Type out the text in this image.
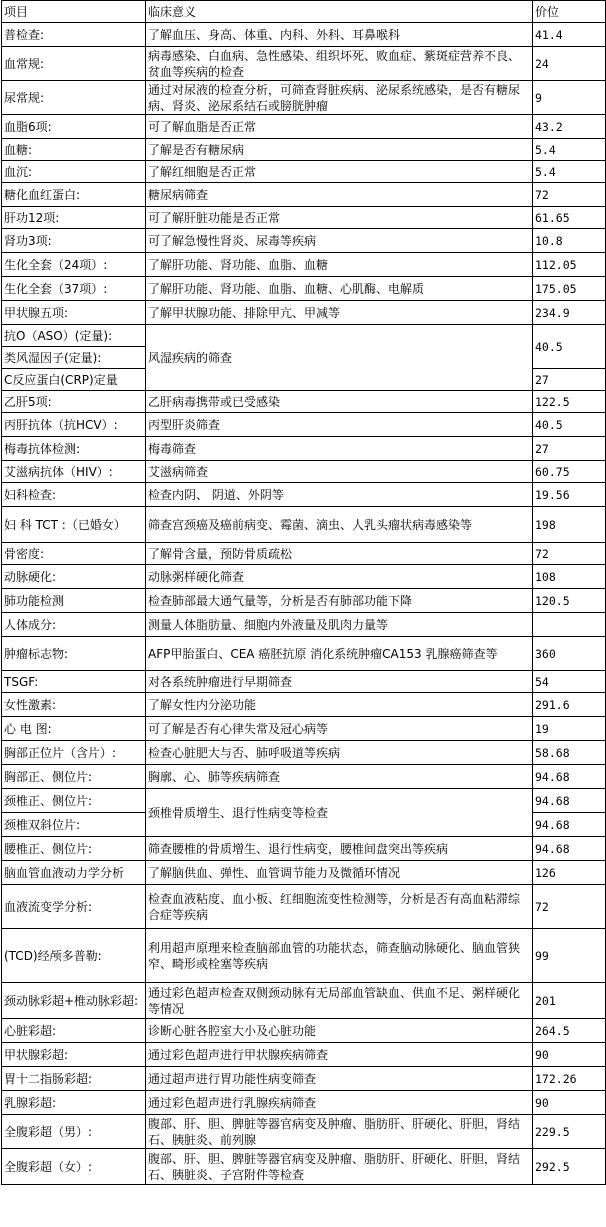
项目	临床意义	价位
普检查:	了解血压、身高、体重、内科、外科、耳鼻喉科	41.4
血常规:	病毒感染、白血病、急性感染、组织坏死、败血症、紫斑症营养不良、贫血等疾病的检查	24
尿常规:	通过对尿液的检查分析，可筛查肾脏疾病、泌尿系统感染，是否有糖尿病、肾炎、泌尿系结石或膀胱肿瘤	9
血脂6项:	可了解血脂是否正常	43.2
血糖:	了解是否有糖尿病	5.4
血沉:	了解红细胞是否正常	5.4
糖化血红蛋白:	糖尿病筛查	72
肝功12项:	可了解肝脏功能是否正常	61.65
肾功3项:	可了解急慢性肾炎、尿毒等疾病	10.8
生化全套（24项）:	了解肝功能、肾功能、血脂、血糖	112.05
生化全套（37项）:	了解肝功能、肾功能、血脂、血糖、心肌酶、电解质	175.05
甲状腺五项:	了解甲状腺功能、排除甲亢、甲减等	234.9
抗O（ASO）(定量):	风湿疾病的筛查	40.5
类风湿因子(定量):		
C反应蛋白(CRP)定量		27
乙肝5项:	乙肝病毒携带或已受感染	122.5
丙肝抗体（抗HCV）:	丙型肝炎筛查	40.5
梅毒抗体检测:	梅毒筛查	27
艾滋病抗体（HIV）:	艾滋病筛查	60.75
妇科检查:	检查内阴、 阴道、外阴等	19.56
妇 科 TCT :（已婚女）	筛查宫颈癌及癌前病变、霉菌、滴虫、人乳头瘤状病毒感染等	198
骨密度:	了解骨含量，预防骨质疏松	72
动脉硬化:	动脉粥样硬化筛查	108
肺功能检测	检查肺部最大通气量等，分析是否有肺部功能下降	120.5
人体成分:	测量人体脂肪量、细胞内外液量及肌肉力量等	
肿瘤标志物:	AFP甲胎蛋白、CEA 癌胚抗原 消化系统肿瘤CA153 乳腺癌筛查等	360
TSGF:	对各系统肿瘤进行早期筛查	54
女性激素:	了解女性内分泌功能	291.6
心 电 图:	可了解是否有心律失常及冠心病等	19
胸部正位片（含片）:	检查心脏肥大与否、肺呼吸道等疾病	58.68
胸部正、侧位片:	胸廓、心、肺等疾病筛查	94.68
颈椎正、侧位片:	颈椎骨质增生、退行性病变等检查	94.68
颈椎双斜位片:		94.68
腰椎正、侧位片:	筛查腰椎的骨质增生、退行性病变，腰椎间盘突出等疾病	94.68
脑血管血液动力学分析	了解脑供血、弹性、血管调节能力及微循环情况	126
血液流变学分析:	检查血液粘度、血小板、红细胞流变性检测等，分析是否有高血粘滞综合症等疾病	72
(TCD)经颅多普勒:	利用超声原理来检查脑部血管的功能状态，筛查脑动脉硬化、脑血管狭窄、畸形或栓塞等疾病	99
颈动脉彩超+椎动脉彩超:	通过彩色超声检查双侧颈动脉有无局部血管缺血、供血不足、粥样硬化等情况	201
心脏彩超:	诊断心脏各腔室大小及心脏功能	264.5
甲状腺彩超:	通过彩色超声进行甲状腺疾病筛查	90
胃十二指肠彩超:	通过超声进行胃功能性病变筛查	172.26
乳腺彩超:	通过彩色超声进行乳腺疾病筛查	90
全腹彩超（男）:	腹部、肝、胆、脾脏等器官病变及肿瘤、脂肪肝、肝硬化、肝胆，肾结石、胰脏炎、前列腺	229.5
全腹彩超（女）:	腹部、肝、胆、脾脏等器官病变及肿瘤、脂肪肝、肝硬化、肝胆，肾结石、胰脏炎、子宫附件等检查	292.5
